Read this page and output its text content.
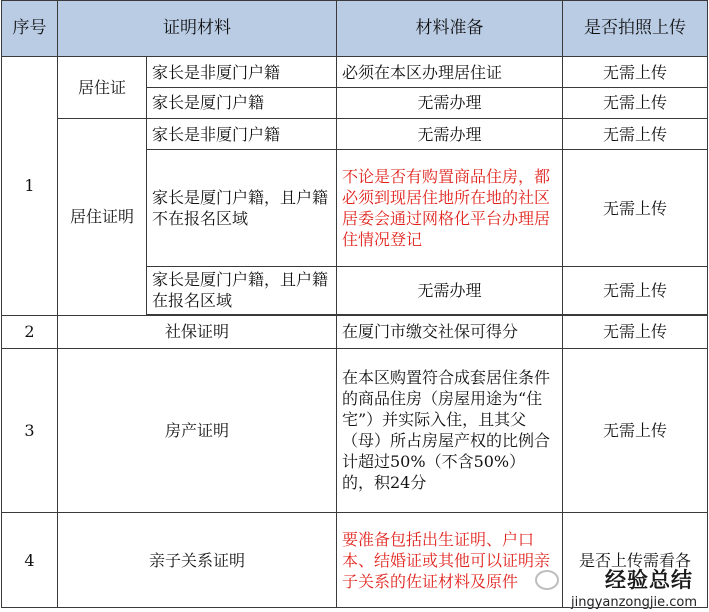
序号	证明材料		材料准备	是否拍照上传
1	居住证	家长是非厦门户籍	必须在本区办理居住证	无需上传
		家长是厦门户籍	无需办理	无需上传
	居住证明	家长是非厦门户籍	无需办理	无需上传
		家长是厦门户籍，且户籍不在报名区域	不论是否有购置商品住房，都必须到现居住地所在地的社区居委会通过网格化平台办理居住情况登记	无需上传
		家长是厦门户籍，且户籍在报名区域	无需办理	无需上传

2	社保证明		在厦门市缴交社保可得分	无需上传
3	房产证明		在本区购置符合成套居住条件的商品住房（房屋用途为“住宅”）并实际入住，且其父（母）所占房屋产权的比例合计超过50%（不含50%）的，积24分	无需上传
4	亲子关系证明		要准备包括出生证明、户口本、结婚证或其他可以证明亲子关系的佐证材料及原件	是否上传需看各
经验总结
jingyanzongjie.com
